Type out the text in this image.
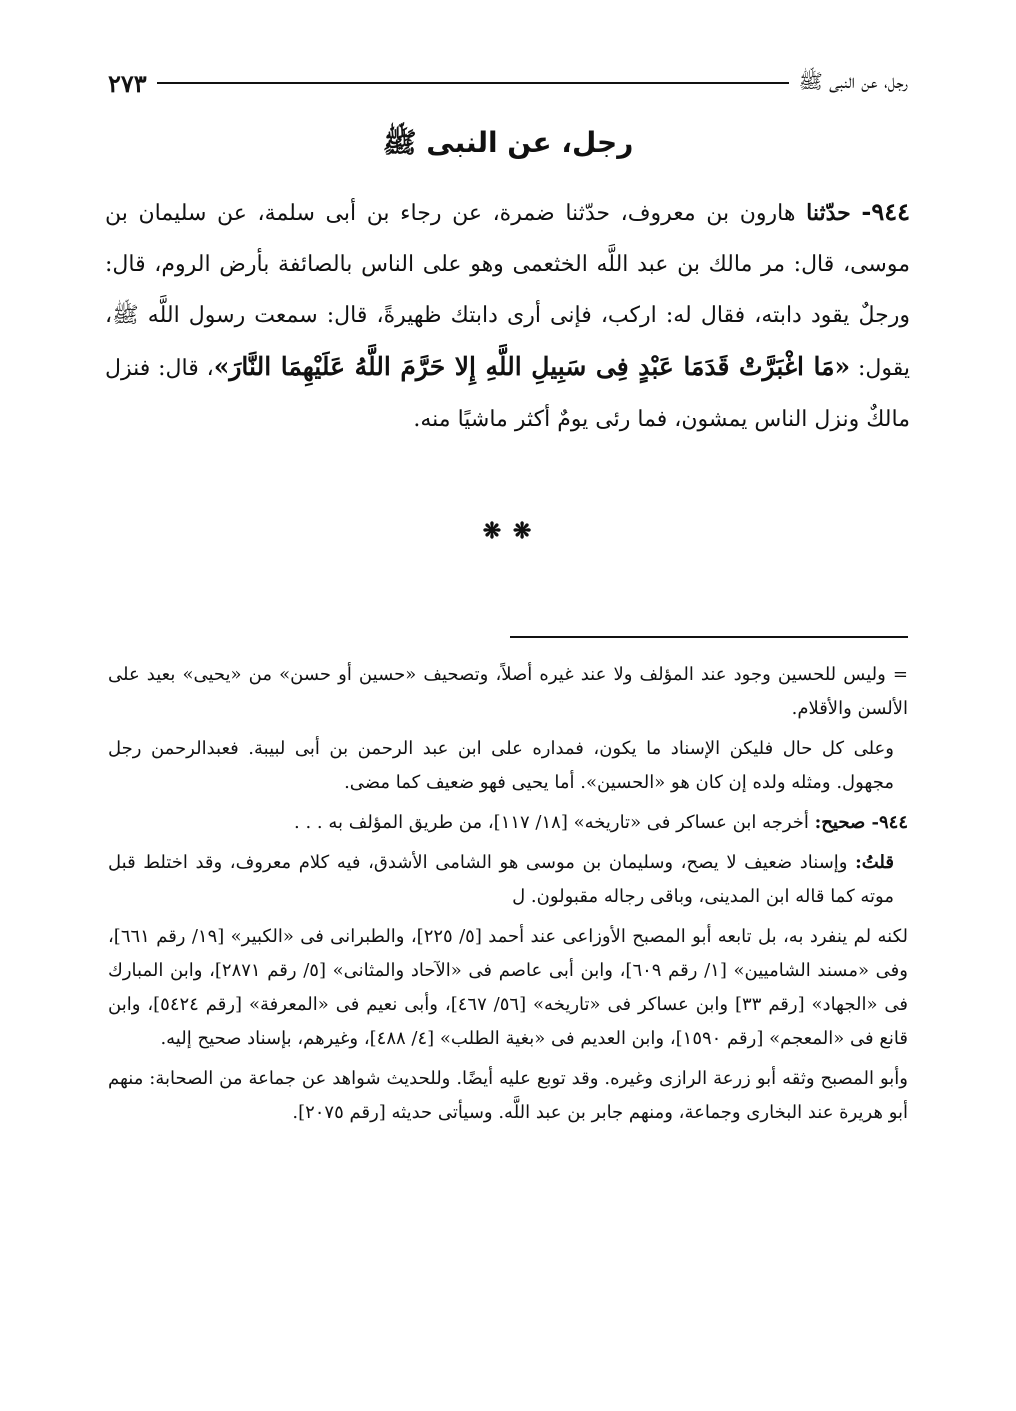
رجل، عن النبى ﷺ
٢٧٣
رجل، عن النبى ﷺ
٩٤٤- حدّثنا هارون بن معروف، حدّثنا ضمرة، عن رجاء بن أبى سلمة، عن سليمان بن موسى، قال: مر مالك بن عبد اللَّه الخثعمى وهو على الناس بالصائفة بأرض الروم، قال: ورجلٌ يقود دابته، فقال له: اركب، فإنى أرى دابتك ظهيرةً، قال: سمعت رسول اللَّه ﷺ، يقول: «مَا اغْبَرَّتْ قَدَمَا عَبْدٍ فِى سَبِيلِ اللَّهِ إِلا حَرَّمَ اللَّهُ عَلَيْهِمَا النَّارَ»، قال: فنزل مالكٌ ونزل الناس يمشون، فما رئى يومٌ أكثر ماشيًا منه.
❋ ❋

= وليس للحسين وجود عند المؤلف ولا عند غيره أصلاً، وتصحيف «حسين أو حسن» من «يحيى» بعيد على الألسن والأقلام.

وعلى كل حال فليكن الإسناد ما يكون، فمداره على ابن عبد الرحمن بن أبى لبيبة. فعبدالرحمن رجل مجهول. ومثله ولده إن كان هو «الحسين». أما يحيى فهو ضعيف كما مضى.

٩٤٤- صحيح: أخرجه ابن عساكر فى «تاريخه» [١٨/ ١١٧]، من طريق المؤلف به . . .

قلتُ: وإسناد ضعيف لا يصح، وسليمان بن موسى هو الشامى الأشدق، فيه كلام معروف، وقد اختلط قبل موته كما قاله ابن المدينى، وباقى رجاله مقبولون. ل

لكنه لم ينفرد به، بل تابعه أبو المصبح الأوزاعى عند أحمد [٥/ ٢٢٥]، والطبرانى فى «الكبير» [١٩/ رقم ٦٦١]، وفى «مسند الشاميين» [١/ رقم ٦٠٩]، وابن أبى عاصم فى «الآحاد والمثانى» [٥/ رقم ٢٨٧١]، وابن المبارك فى «الجهاد» [رقم ٣٣] وابن عساكر فى «تاريخه» [٥٦/ ٤٦٧]، وأبى نعيم فى «المعرفة» [رقم ٥٤٢٤]، وابن قانع فى «المعجم» [رقم ١٥٩٠]، وابن العديم فى «بغية الطلب» [٤/ ٤٨٨]، وغيرهم، بإسناد صحيح إليه.

وأبو المصبح وثقه أبو زرعة الرازى وغيره. وقد توبع عليه أيضًا. وللحديث شواهد عن جماعة من الصحابة: منهم أبو هريرة عند البخارى وجماعة، ومنهم جابر بن عبد اللَّه. وسيأتى حديثه [رقم ٢٠٧٥].
